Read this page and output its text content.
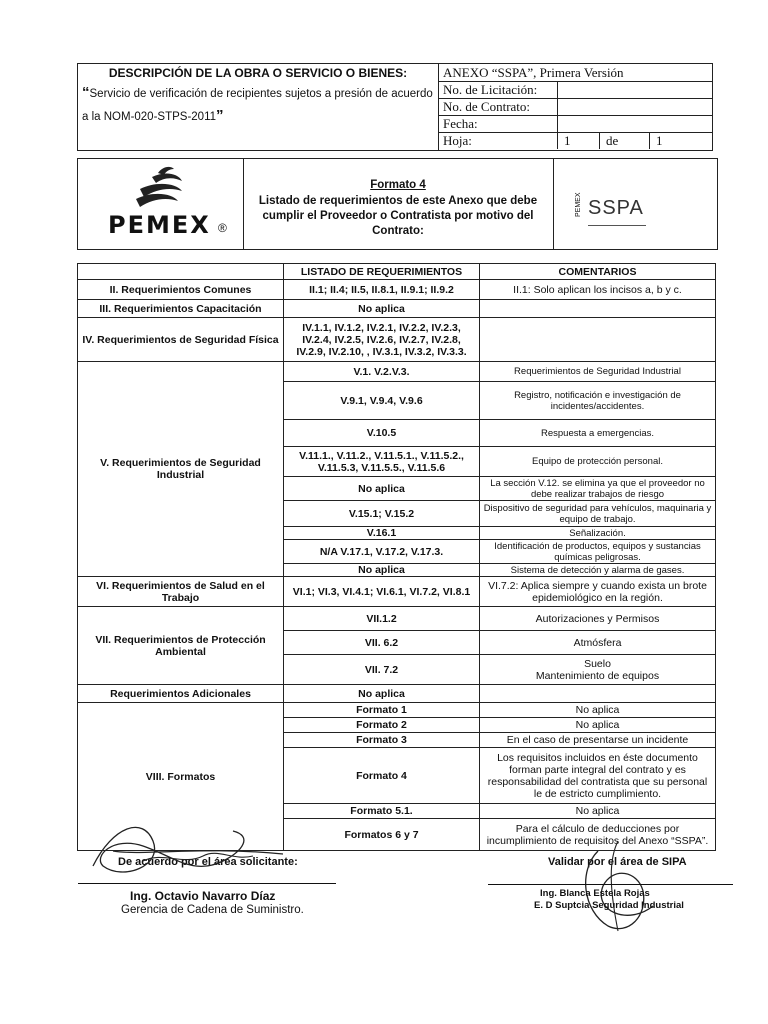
DESCRIPCIÓN DE LA OBRA O SERVICIO O BIENES:
“Servicio de verificación de recipientes sujetos a presión de acuerdo a la NOM-020-STPS-2011”
ANEXO “SSPA”, Primera Versión
No. de Licitación:
No. de Contrato:
Fecha:
Hoja:	1	de	1
PEMEX ®
Formato 4
Listado de requerimientos de este Anexo que debe cumplir el Proveedor o Contratista por motivo del Contrato:
PEMEX SSPA
	LISTADO DE REQUERIMIENTOS	COMENTARIOS
II. Requerimientos Comunes	II.1; II.4; II.5, II.8.1, II.9.1; II.9.2	II.1: Solo aplican los incisos a, b y c.
III. Requerimientos Capacitación	No aplica	
IV. Requerimientos de Seguridad Física	IV.1.1, IV.1.2, IV.2.1, IV.2.2, IV.2.3, IV.2.4, IV.2.5, IV.2.6, IV.2.7, IV.2.8, IV.2.9, IV.2.10, , IV.3.1, IV.3.2, IV.3.3.	
V. Requerimientos de Seguridad Industrial	V.1. V.2.V.3.	Requerimientos de Seguridad Industrial
	V.9.1, V.9.4, V.9.6	Registro, notificación e investigación de incidentes/accidentes.
	V.10.5	Respuesta a emergencias.
	V.11.1., V.11.2., V.11.5.1., V.11.5.2., V.11.5.3, V.11.5.5., V.11.5.6	Equipo de protección personal.
	No aplica	La sección V.12. se elimina ya que el proveedor no debe realizar trabajos de riesgo
	V.15.1; V.15.2	Dispositivo de seguridad para vehículos, maquinaria y equipo de trabajo.
	V.16.1	Señalización.
	N/A V.17.1, V.17.2, V.17.3.	Identificación de productos, equipos y sustancias químicas peligrosas.
	No aplica	Sistema de detección y alarma de gases.
VI. Requerimientos de Salud en el Trabajo	VI.1; VI.3, VI.4.1; VI.6.1, VI.7.2, VI.8.1	VI.7.2: Aplica siempre y cuando exista un brote epidemiológico en la región.
VII. Requerimientos de Protección Ambiental	VII.1.2	Autorizaciones y Permisos
	VII. 6.2	Atmósfera
	VII. 7.2	Suelo
Mantenimiento de equipos

Requerimientos Adicionales	No aplica	
VIII. Formatos	Formato 1	No aplica
	Formato 2	No aplica
	Formato 3	En el caso de presentarse un incidente
	Formato 4	Los requisitos incluidos en éste documento forman parte integral del contrato y es responsabilidad del contratista que su personal le de estricto cumplimiento.
	Formato 5.1.	No aplica
	Formatos 6 y 7	Para el cálculo de deducciones por incumplimiento de requisitos del Anexo “SSPA”.
De acuerdo por el área solicitante:
Ing. Octavio Navarro Díaz
Gerencia de Cadena de Suministro.
Validar por el área de SIPA
Ing. Blanca Estela Rojas
E. D Suptcia Seguridad Industrial
